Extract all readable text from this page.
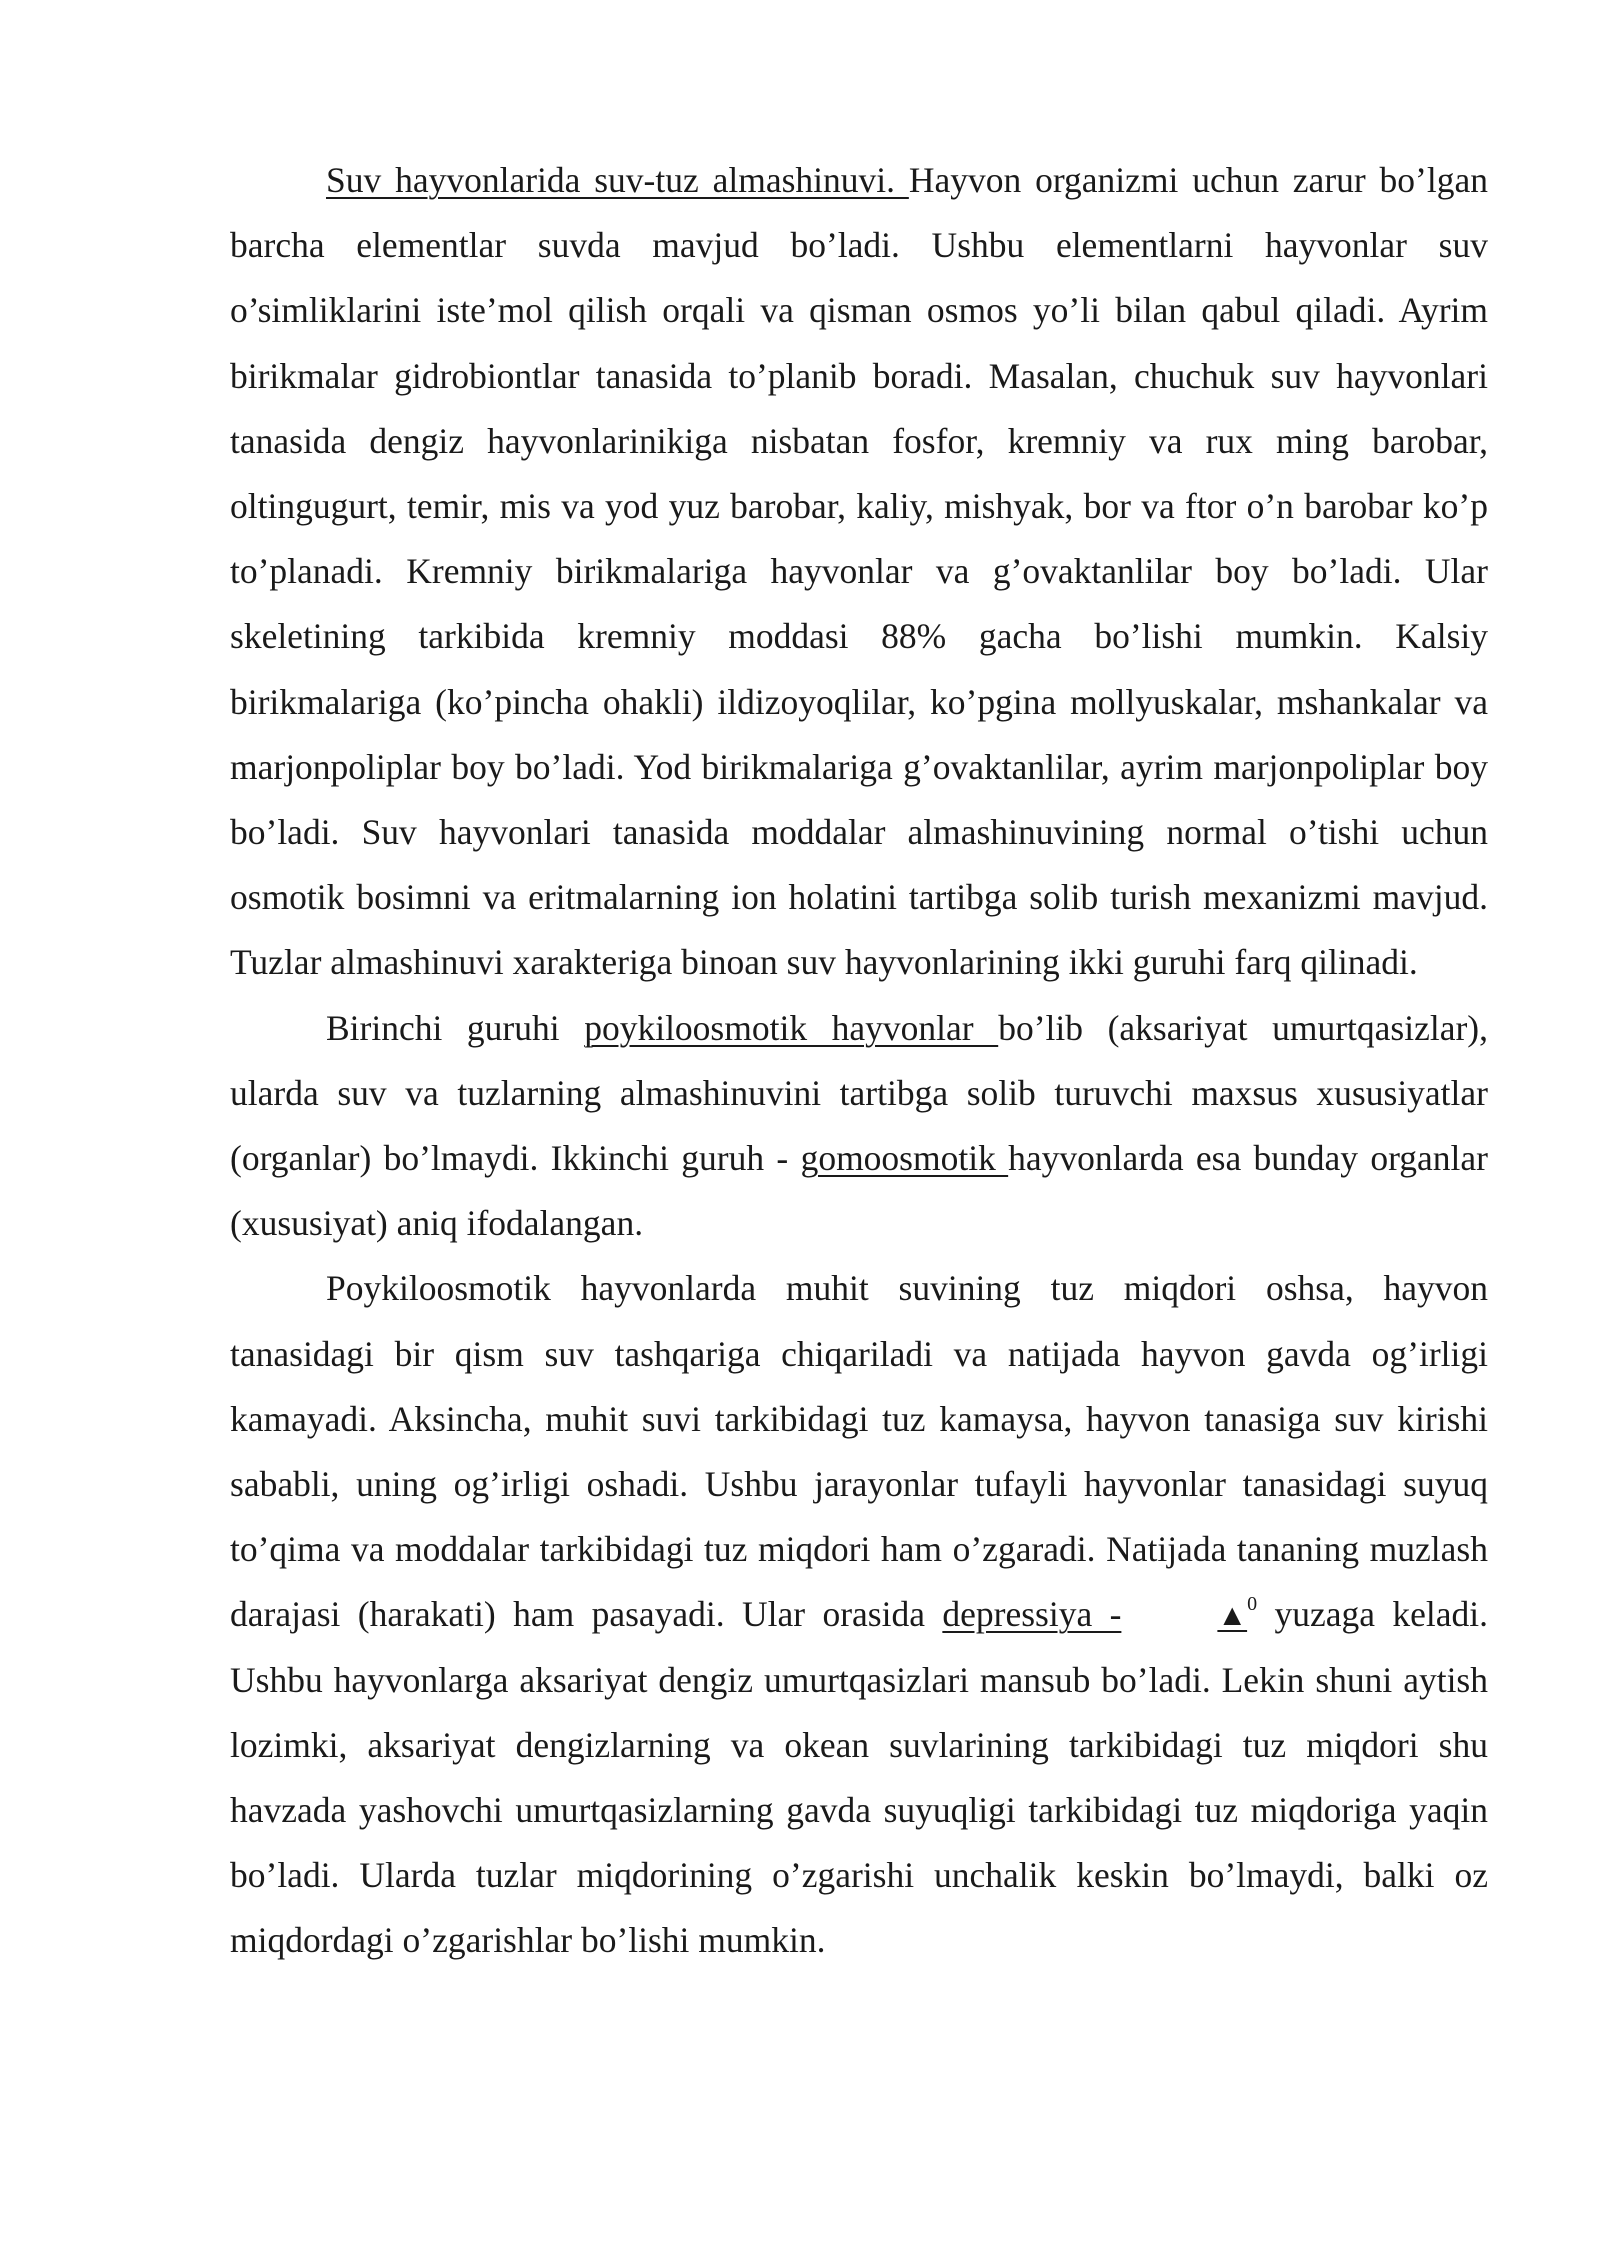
Suv hayvonlarida suv-tuz almashinuvi. Hayvon organizmi uchun zarur bo’lgan barcha elementlar suvda mavjud bo’ladi. Ushbu elementlarni hayvonlar suv o’simliklarini iste’mol qilish orqali va qisman osmos yo’li bilan qabul qiladi. Ayrim birikmalar gidrobiontlar tanasida to’planib boradi. Masalan, chuchuk suv hayvonlari tanasida dengiz hayvonlarinikiga nisbatan fosfor, kremniy va rux ming barobar, oltingugurt, temir, mis va yod yuz barobar, kaliy, mishyak, bor va ftor o’n barobar ko’p to’planadi. Kremniy birikmalariga hayvonlar va g’ovaktanlilar boy bo’ladi. Ular skeletining tarkibida kremniy moddasi 88% gacha bo’lishi mumkin. Kalsiy birikmalariga (ko’pincha ohakli) ildizoyoqlilar, ko’pgina mollyuskalar, mshankalar va marjonpoliplar boy bo’ladi. Yod birikmalariga g’ovaktanlilar, ayrim marjonpoliplar boy bo’ladi. Suv hayvonlari tanasida moddalar almashinuvining normal o’tishi uchun osmotik bosimni va eritmalarning ion holatini tartibga solib turish mexanizmi mavjud. Tuzlar almashinuvi xarakteriga binoan suv hayvonlarining ikki guruhi farq qilinadi.

Birinchi guruhi poykiloosmotik hayvonlar bo’lib (aksariyat umurtqasizlar), ularda suv va tuzlarning almashinuvini tartibga solib turuvchi maxsus xususiyatlar (organlar) bo’lmaydi. Ikkinchi guruh - gomoosmotik hayvonlarda esa bunday organlar (xususiyat) aniq ifodalangan.

Poykiloosmotik hayvonlarda muhit suvining tuz miqdori oshsa, hayvon tanasidagi bir qism suv tashqariga chiqariladi va natijada hayvon gavda og’irligi kamayadi. Aksincha, muhit suvi tarkibidagi tuz kamaysa, hayvon tanasiga suv kirishi sababli, uning og’irligi oshadi. Ushbu jarayonlar tufayli hayvonlar tanasidagi suyuq to’qima va moddalar tarkibidagi tuz miqdori ham o’zgaradi. Natijada tananing muzlash darajasi (harakati) ham pasayadi. Ular orasida depressiya -	▲$^0$ yuzaga keladi. Ushbu hayvonlarga aksariyat dengiz umurtqasizlari mansub bo’ladi. Lekin shuni aytish lozimki, aksariyat dengizlarning va okean suvlarining tarkibidagi tuz miqdori shu havzada yashovchi umurtqasizlarning gavda suyuqligi tarkibidagi tuz miqdoriga yaqin bo’ladi. Ularda tuzlar miqdorining o’zgarishi unchalik keskin bo’lmaydi, balki oz miqdordagi o’zgarishlar bo’lishi mumkin.
